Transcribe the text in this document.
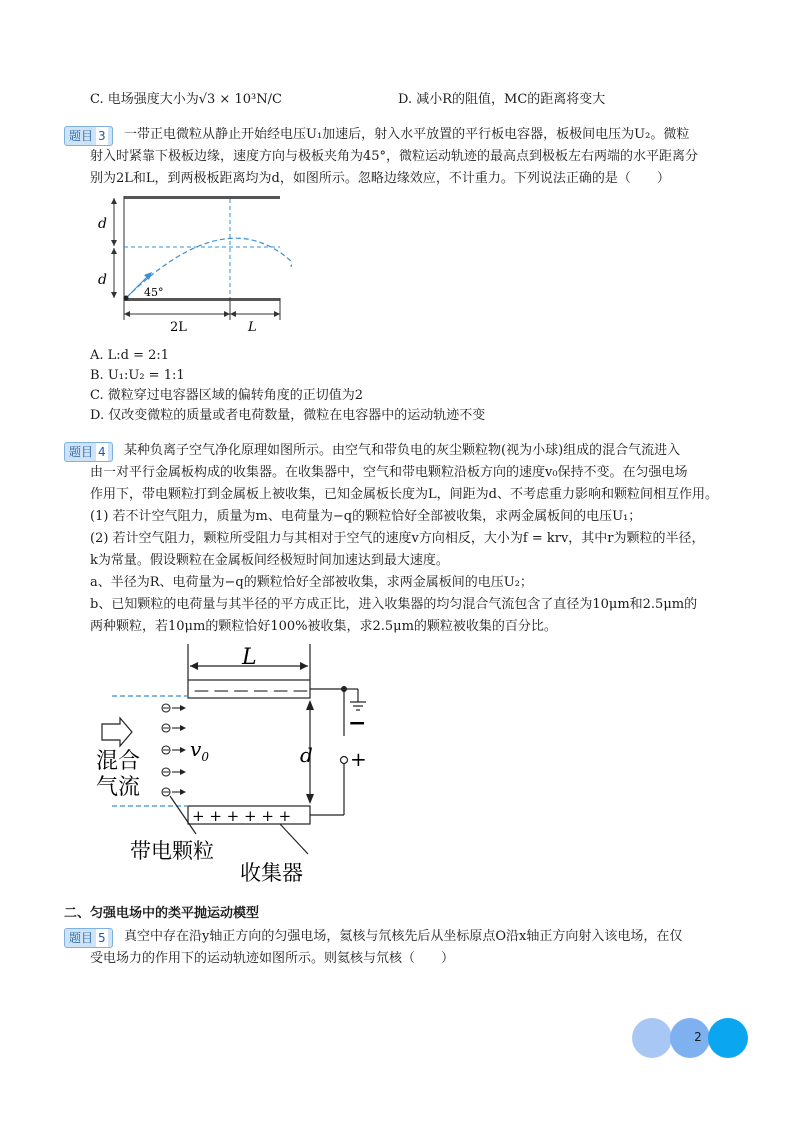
C. 电场强度大小为√3 × 10³N/C	D. 减小R的阻值，MC的距离将变大
题目 3	一带正电微粒从静止开始经电压U₁加速后，射入水平放置的平行板电容器，板极间电压为U₂。微粒
射入时紧靠下极板边缘，速度方向与极板夹角为45°，微粒运动轨迹的最高点到极板左右两端的水平距离分
别为2L和L，到两极板距离均为d，如图所示。忽略边缘效应，不计重力。下列说法正确的是（　　）
d
d
45°
2L	L
A. L:d = 2:1
B. U₁:U₂ = 1:1
C. 微粒穿过电容器区域的偏转角度的正切值为2
D. 仅改变微粒的质量或者电荷数量，微粒在电容器中的运动轨迹不变
题目 4	某种负离子空气净化原理如图所示。由空气和带负电的灰尘颗粒物(视为小球)组成的混合气流进入
由一对平行金属板构成的收集器。在收集器中，空气和带电颗粒沿板方向的速度v₀保持不变。在匀强电场
作用下，带电颗粒打到金属板上被收集，已知金属板长度为L，间距为d、不考虑重力影响和颗粒间相互作用。
(1) 若不计空气阻力，质量为m、电荷量为−q的颗粒恰好全部被收集，求两金属板间的电压U₁；
(2) 若计空气阻力，颗粒所受阻力与其相对于空气的速度v方向相反，大小为f = krv，其中r为颗粒的半径，
k为常量。假设颗粒在金属板间经极短时间加速达到最大速度。
a、半径为R、电荷量为−q的颗粒恰好全部被收集，求两金属板间的电压U₂；
b、已知颗粒的电荷量与其半径的平方成正比，进入收集器的均匀混合气流包含了直径为10μm和2.5μm的
两种颗粒，若10μm的颗粒恰好100%被收集，求2.5μm的颗粒被收集的百分比。
L
— — — — — —
+ + + + + +
d
−
+
$v_0$
混合
气流
带电颗粒
收集器
二、匀强电场中的类平抛运动模型
题目 5	真空中存在沿y轴正方向的匀强电场，氦核与氘核先后从坐标原点O沿x轴正方向射入该电场，在仅
受电场力的作用下的运动轨迹如图所示。则氦核与氘核（　　）
2
